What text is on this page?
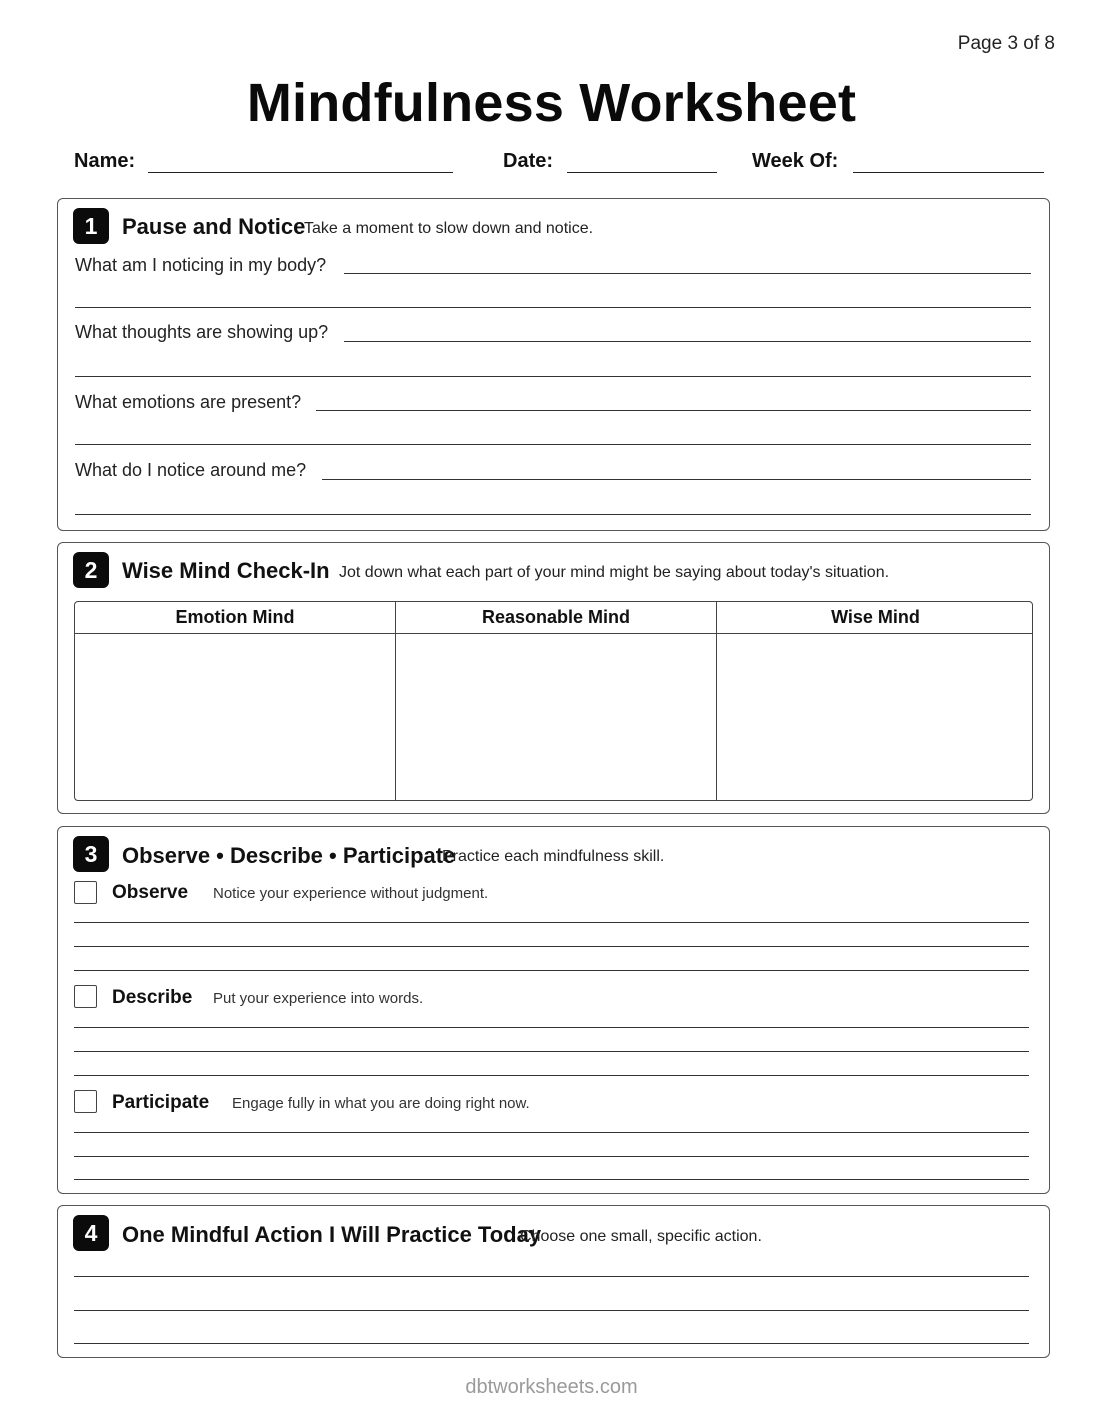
Page 3 of 8
Mindfulness Worksheet
Name:	Date:	Week Of:
1	Pause and Notice
Take a moment to slow down and notice.
What am I noticing in my body?
What thoughts are showing up?
What emotions are present?
What do I notice around me?
2	Wise Mind Check-In Jot down what each part of your mind might be saying about today's situation.
Emotion Mind	Reasonable Mind	Wise Mind
3	Observe • Describe • Participate
Practice each mindfulness skill.
Observe Notice your experience without judgment.
Describe Put your experience into words.
Participate Engage fully in what you are doing right now.
4	One Mindful Action I Will Practice Today
Choose one small, specific action.
dbtworksheets.com
